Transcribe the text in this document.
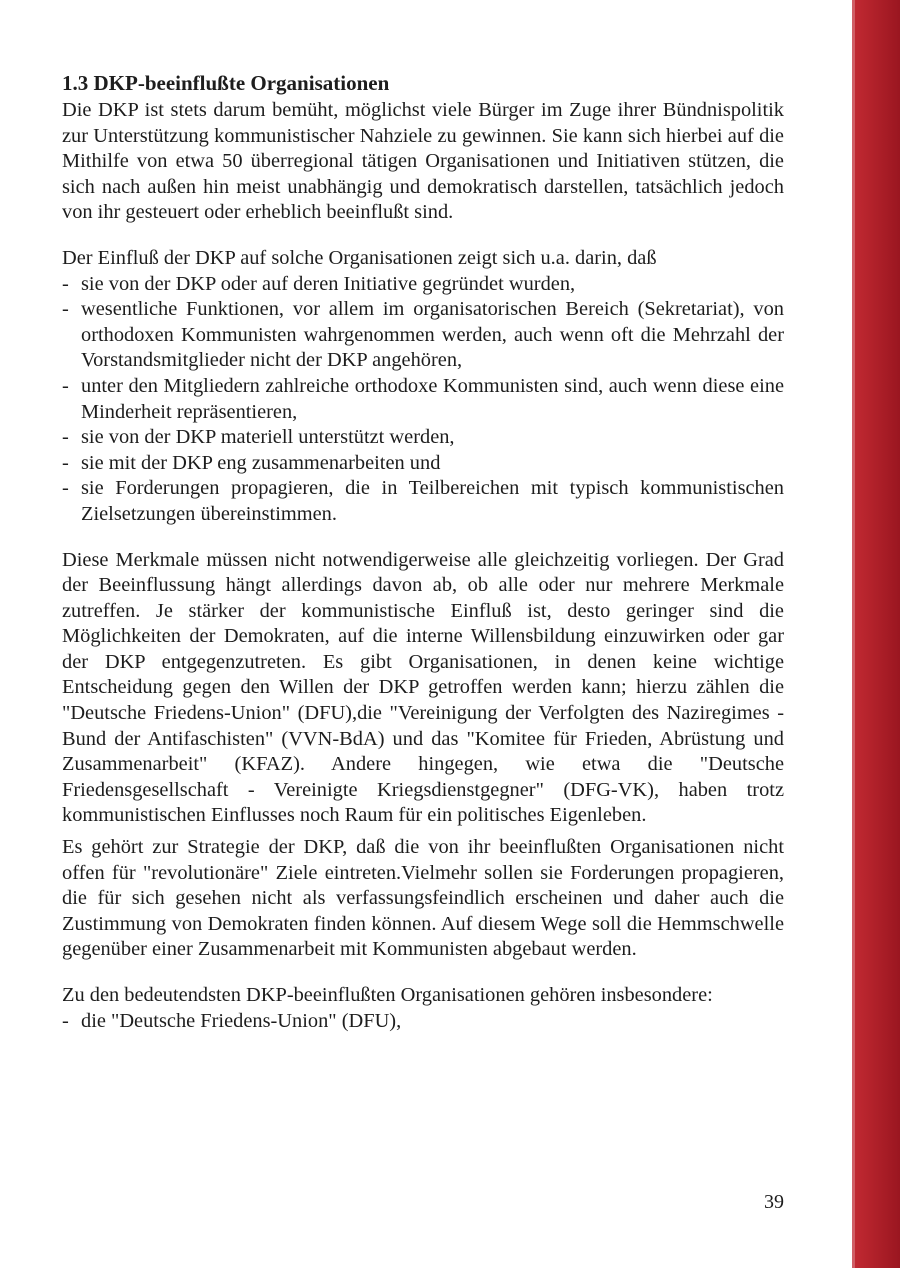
1.3 DKP-beeinflußte Organisationen

Die DKP ist stets darum bemüht, möglichst viele Bürger im Zuge ihrer Bündnispolitik zur Unterstützung kommunistischer Nahziele zu gewinnen. Sie kann sich hierbei auf die Mithilfe von etwa 50 überregional tätigen Organisationen und Initiativen stützen, die sich nach außen hin meist unabhängig und demokratisch darstellen, tatsächlich jedoch von ihr gesteuert oder erheblich beeinflußt sind.

Der Einfluß der DKP auf solche Organisationen zeigt sich u.a. darin, daß

- sie von der DKP oder auf deren Initiative gegründet wurden,
- wesentliche Funktionen, vor allem im organisatorischen Bereich (Sekretariat), von orthodoxen Kommunisten wahrgenommen werden, auch wenn oft die Mehrzahl der Vorstandsmitglieder nicht der DKP angehören,
- unter den Mitgliedern zahlreiche orthodoxe Kommunisten sind, auch wenn diese eine Minderheit repräsentieren,
- sie von der DKP materiell unterstützt werden,
- sie mit der DKP eng zusammenarbeiten und
- sie Forderungen propagieren, die in Teilbereichen mit typisch kommunistischen Zielsetzungen übereinstimmen.

Diese Merkmale müssen nicht notwendigerweise alle gleichzeitig vorliegen. Der Grad der Beeinflussung hängt allerdings davon ab, ob alle oder nur mehrere Merkmale zutreffen. Je stärker der kommunistische Einfluß ist, desto geringer sind die Möglichkeiten der Demokraten, auf die interne Willensbildung einzuwirken oder gar der DKP entgegenzutreten. Es gibt Organisationen, in denen keine wichtige Entscheidung gegen den Willen der DKP getroffen werden kann; hierzu zählen die "Deutsche Friedens-Union" (DFU),die "Vereinigung der Verfolgten des Naziregimes - Bund der Antifaschisten" (VVN-BdA) und das "Komitee für Frieden, Abrüstung und Zusammenarbeit" (KFAZ). Andere hingegen, wie etwa die "Deutsche Friedensgesellschaft - Vereinigte Kriegsdienstgegner" (DFG-VK), haben trotz kommunistischen Einflusses noch Raum für ein politisches Eigenleben.

Es gehört zur Strategie der DKP, daß die von ihr beeinflußten Organisationen nicht offen für "revolutionäre" Ziele eintreten.Vielmehr sollen sie Forderungen propagieren, die für sich gesehen nicht als verfassungsfeindlich erscheinen und daher auch die Zustimmung von Demokraten finden können. Auf diesem Wege soll die Hemmschwelle gegenüber einer Zusammenarbeit mit Kommunisten abgebaut werden.

Zu den bedeutendsten DKP-beeinflußten Organisationen gehören insbesondere:

- die "Deutsche Friedens-Union" (DFU),
39
